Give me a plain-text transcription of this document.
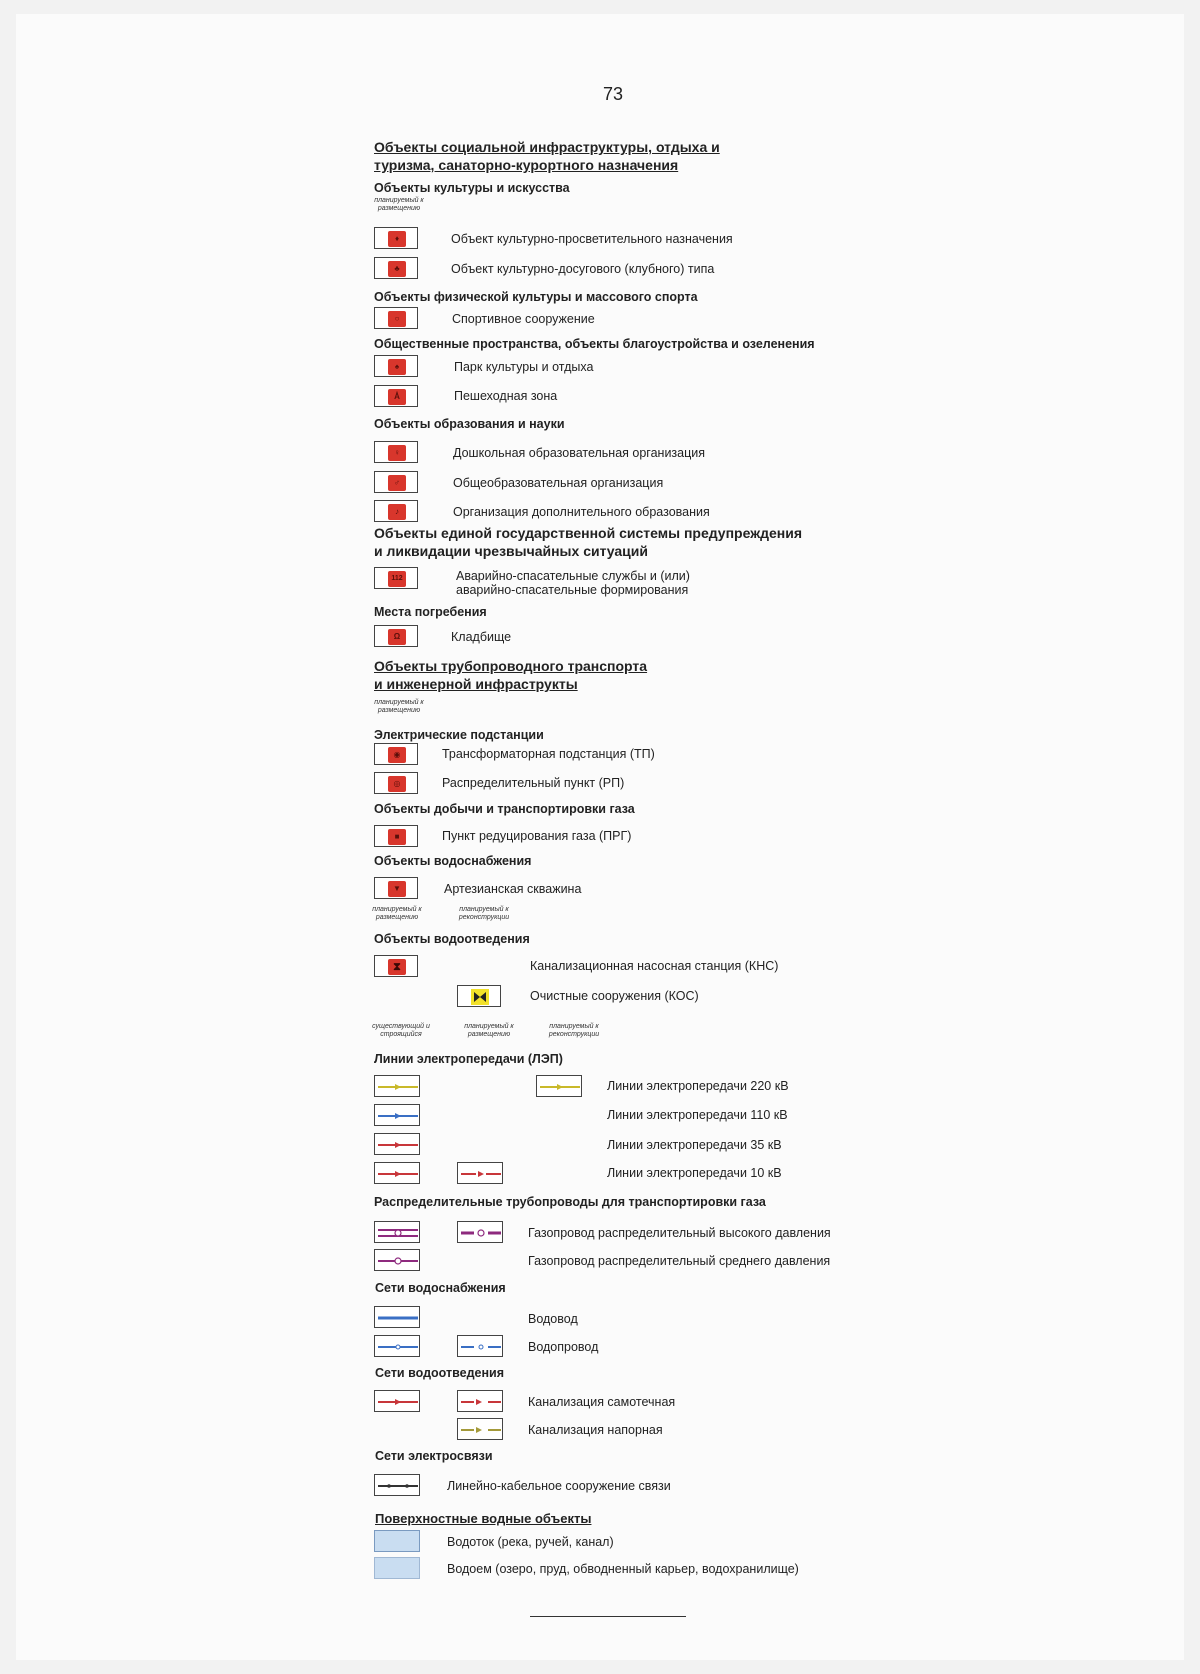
73
Объекты социальной инфраструктуры, отдыха и
туризма, санаторно-курортного назначения
Объекты культуры и искусства
планируемый к размещению
♦	Объект культурно-просветительного назначения
♣	Объект культурно-досугового (клубного) типа
Объекты физической культуры и массового спорта
○	Спортивное сооружение
Общественные пространства, объекты благоустройства и озеленения
♠	Парк культуры и отдыха
Å	Пешеходная зона
Объекты образования и науки
♀	Дошкольная образовательная организация
♂	Общеобразовательная организация
♪	Организация дополнительного образования
Объекты единой государственной системы предупреждения
и ликвидации чрезвычайных ситуаций
112	Аварийно-спасательные службы и (или)
аварийно-спасательные формирования
Места погребения
Ω	Кладбище
Объекты трубопроводного транспорта
и инженерной инфраструкты
планируемый к размещению
Электрические подстанции
◉	Трансформаторная подстанция (ТП)
◎	Распределительный пункт (РП)
Объекты добычи и транспортировки газа
■	Пункт редуцирования газа (ПРГ)
Объекты водоснабжения
▼	Артезианская скважина
планируемый к размещению
планируемый к реконструкции
Объекты водоотведения
⧗	Канализационная насосная станция (КНС)
Очистные сооружения (КОС)
существующий и строящийся
планируемый к размещению
планируемый к реконструкции
Линии электропередачи (ЛЭП)
Линии электропередачи 220 кВ
Линии электропередачи 110 кВ
Линии электропередачи 35 кВ
Линии электропередачи 10 кВ
Распределительные трубопроводы для транспортировки газа
Газопровод распределительный высокого давления
Газопровод распределительный среднего давления
Сети водоснабжения
Водовод
Водопровод
Сети водоотведения
Канализация самотечная
Канализация напорная
Сети электросвязи
Линейно-кабельное сооружение связи
Поверхностные водные объекты
Водоток (река, ручей, канал)
Водоем (озеро, пруд, обводненный карьер, водохранилище)
